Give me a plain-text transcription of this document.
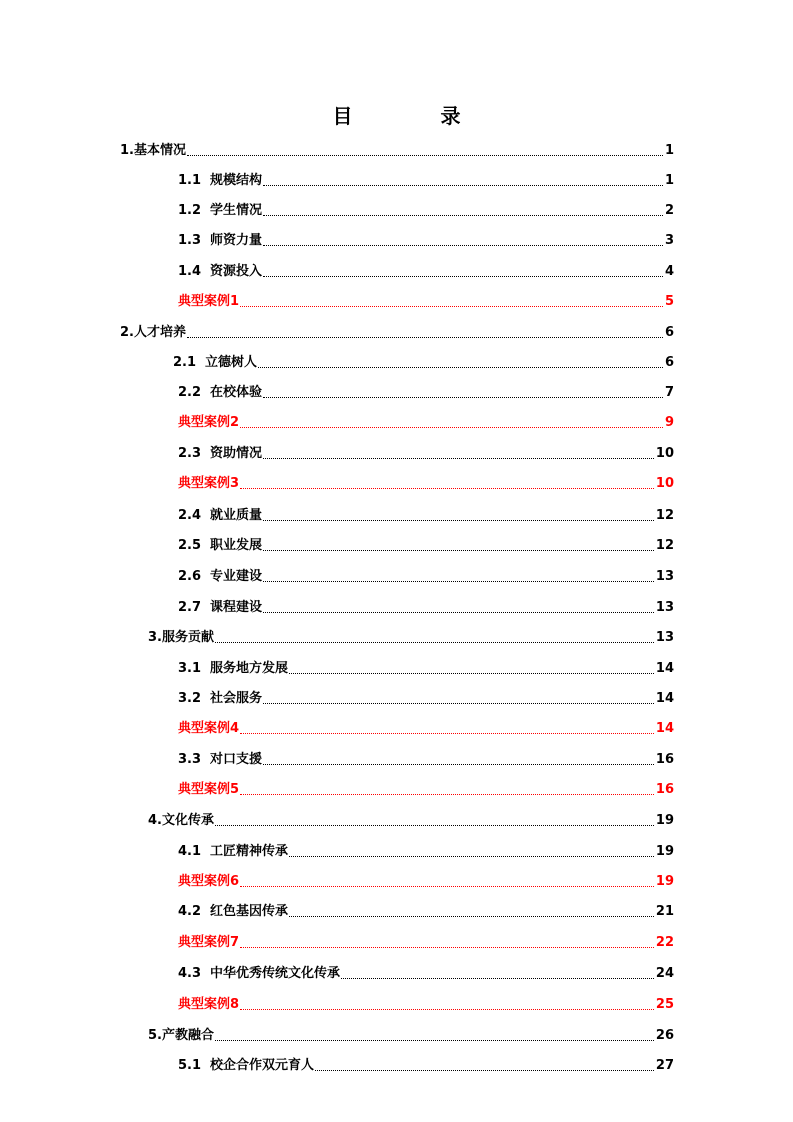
目　录
1.基本情况	1
1.1 规模结构	1
1.2 学生情况	2
1.3 师资力量	3
1.4 资源投入	4
典型案例1	5
2.人才培养	6
2.1 立德树人	6
2.2 在校体验	7
典型案例2	9
2.3 资助情况	10
典型案例3	10
2.4 就业质量	12
2.5 职业发展	12
2.6 专业建设	13
2.7 课程建设	13
3.服务贡献	13
3.1 服务地方发展	14
3.2 社会服务	14
典型案例4	14
3.3 对口支援	16
典型案例5	16
4.文化传承	19
4.1 工匠精神传承	19
典型案例6	19
4.2 红色基因传承	21
典型案例7	22
4.3 中华优秀传统文化传承	24
典型案例8	25
5.产教融合	26
5.1 校企合作双元育人	27
